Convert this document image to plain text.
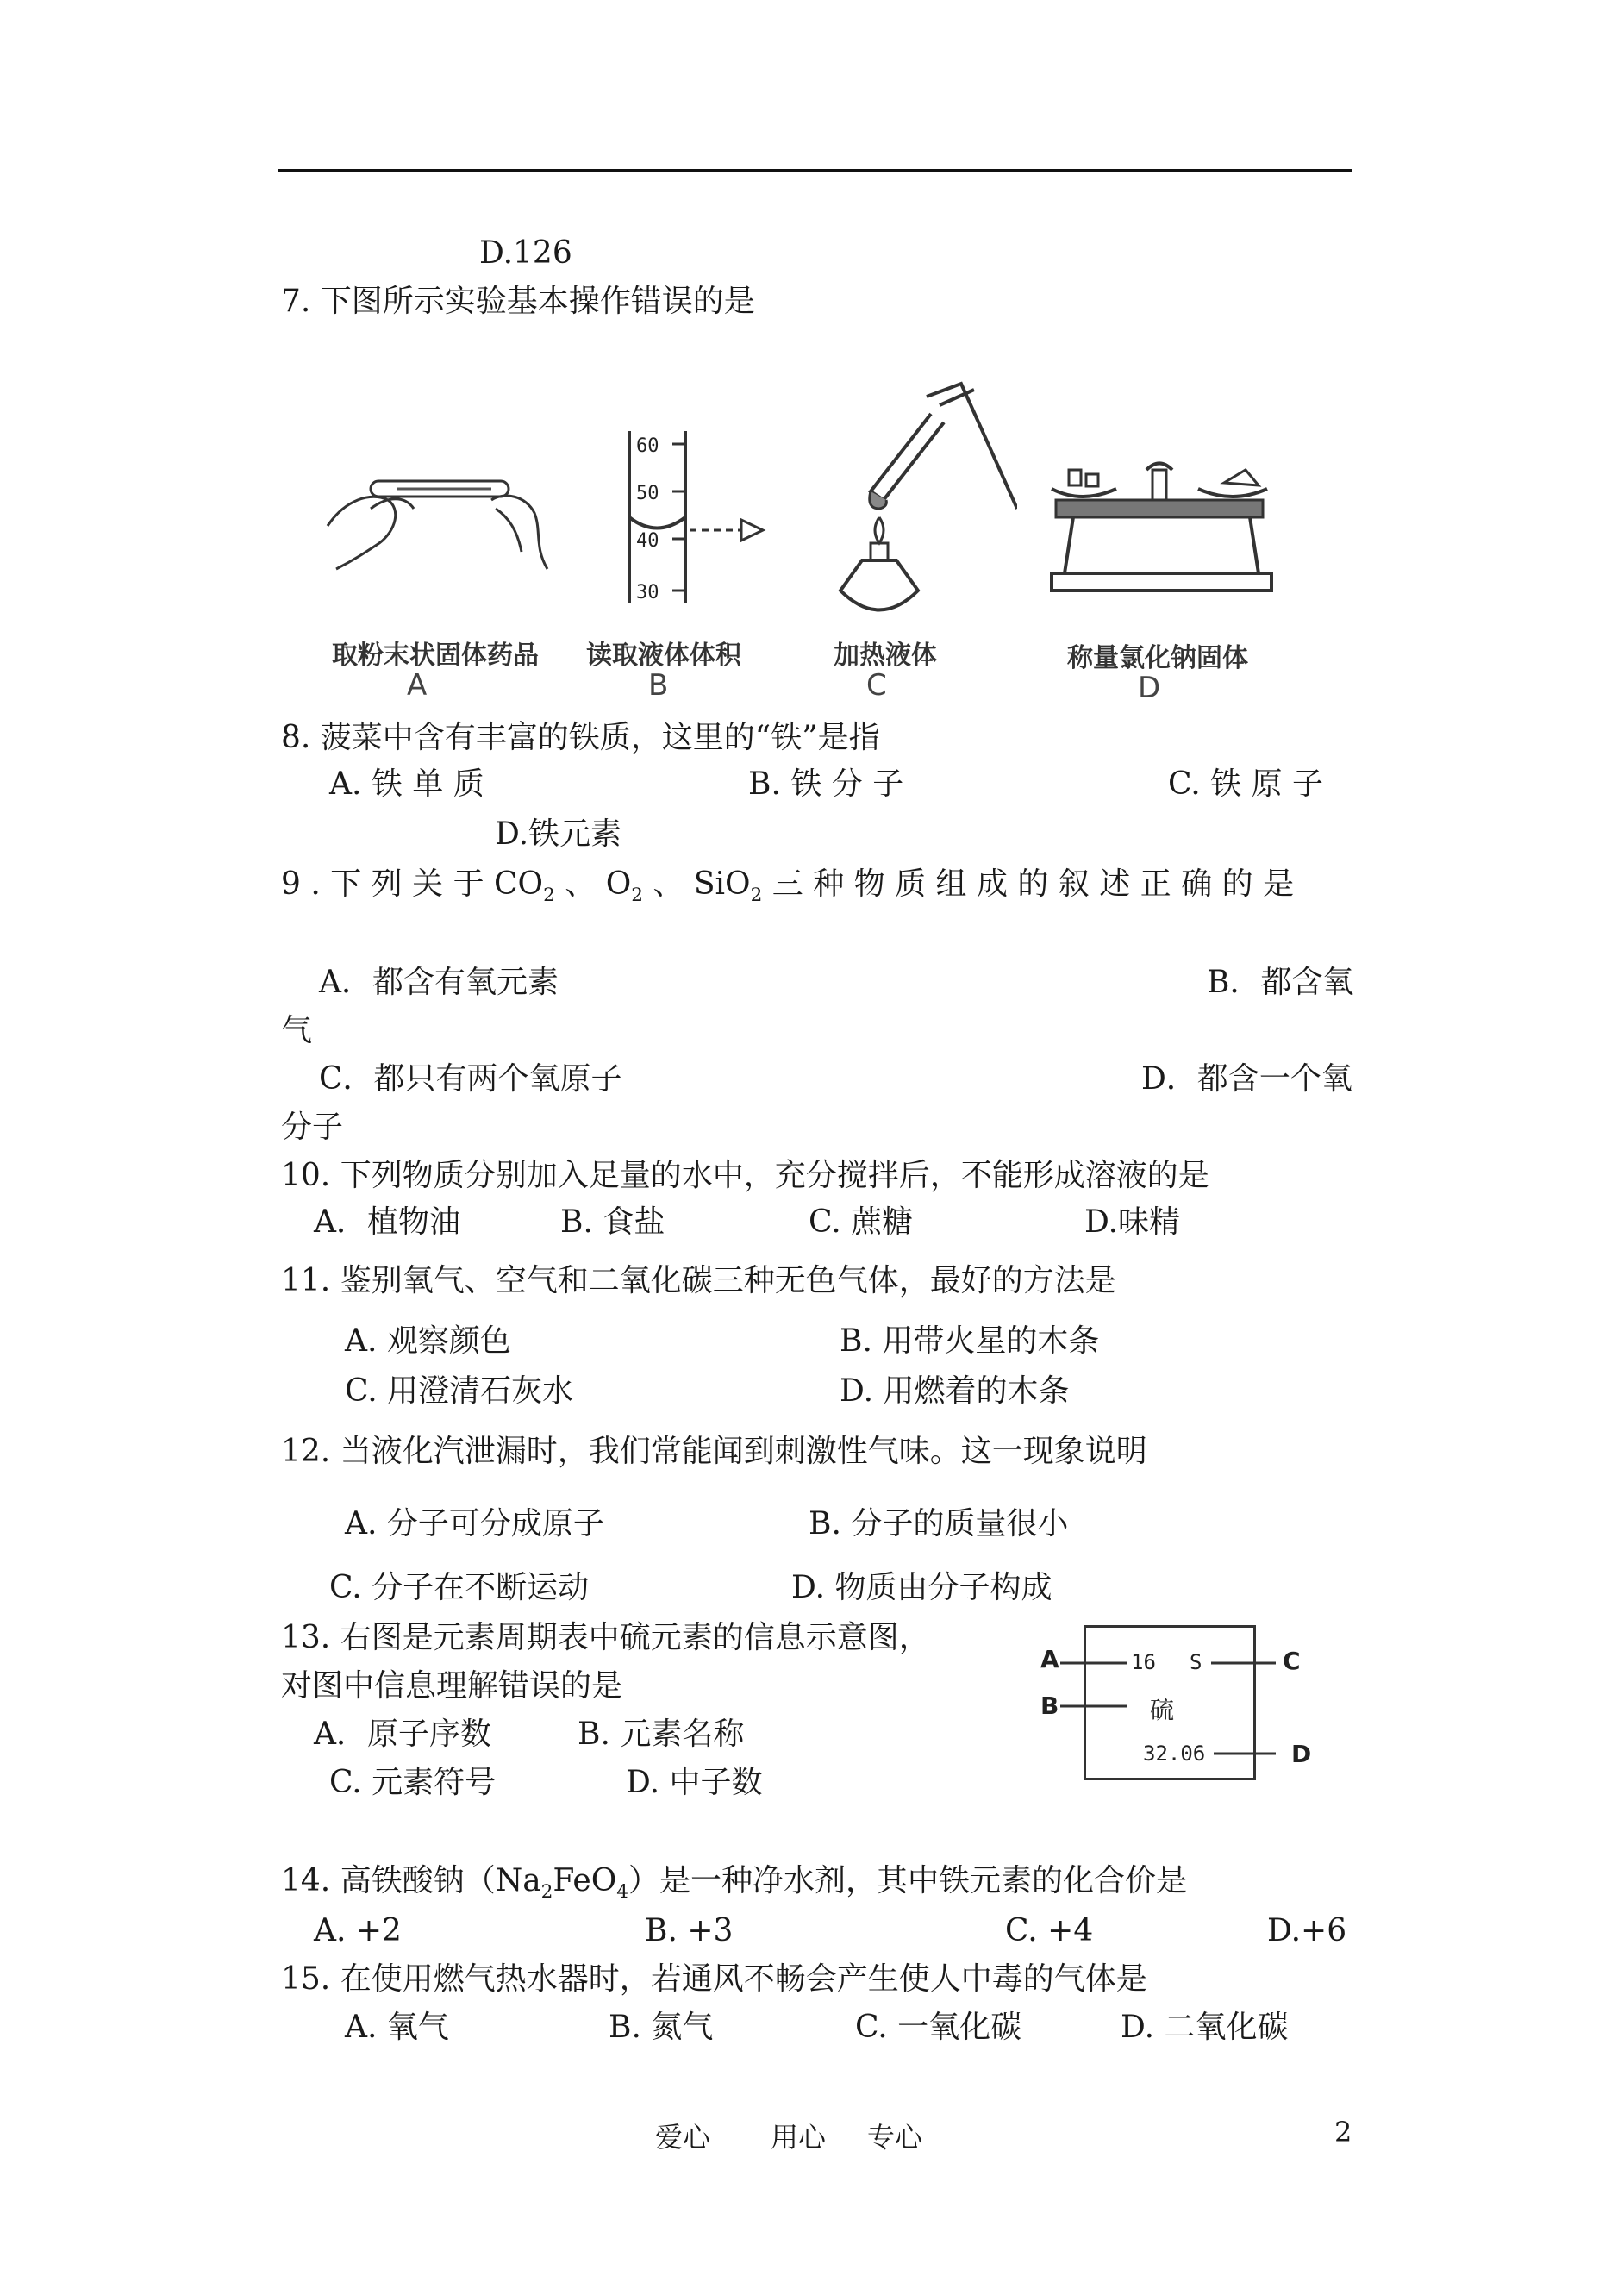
D.126
7. 下图所示实验基本操作错误的是
取粉末状固体药品
A
60
50
40
30
读取液体体积
B
加热液体
C
称量氯化钠固体
D
8. 菠菜中含有丰富的铁质，这里的“铁”是指
A. 铁 单 质	B. 铁 分 子	C. 铁 原 子
D.铁元素
9 . 下 列 关 于 $CO_2$ 、 $O_2$ 、 SiO$_2$ 三 种 物 质 组 成 的 叙 述 正 确 的 是
A．都含有氧元素	B．都含氧
气
C．都只有两个氧原子	D．都含一个氧
分子
10. 下列物质分别加入足量的水中，充分搅拌后，不能形成溶液的是
A．植物油	B. 食盐	C. 蔗糖	D.味精
11. 鉴别氧气、空气和二氧化碳三种无色气体，最好的方法是
A. 观察颜色	B. 用带火星的木条
C. 用澄清石灰水	D. 用燃着的木条
12. 当液化汽泄漏时，我们常能闻到刺激性气味。这一现象说明
A. 分子可分成原子	B. 分子的质量很小
C. 分子在不断运动	D. 物质由分子构成
13. 右图是元素周期表中硫元素的信息示意图，
对图中信息理解错误的是
A．原子序数	B. 元素名称
C. 元素符号	D. 中子数
16 S
硫
32.06
A
B
C
D
14. 高铁酸钠$(Na_2FeO_4)$是一种净水剂，其中铁元素的化合价是
A. +2	B. +3	C. +4	D.+6
15. 在使用燃气热水器时，若通风不畅会产生使人中毒的气体是
A. 氧气	B. 氮气	C. 一氧化碳	D. 二氧化碳
爱心 用心 专心	2
